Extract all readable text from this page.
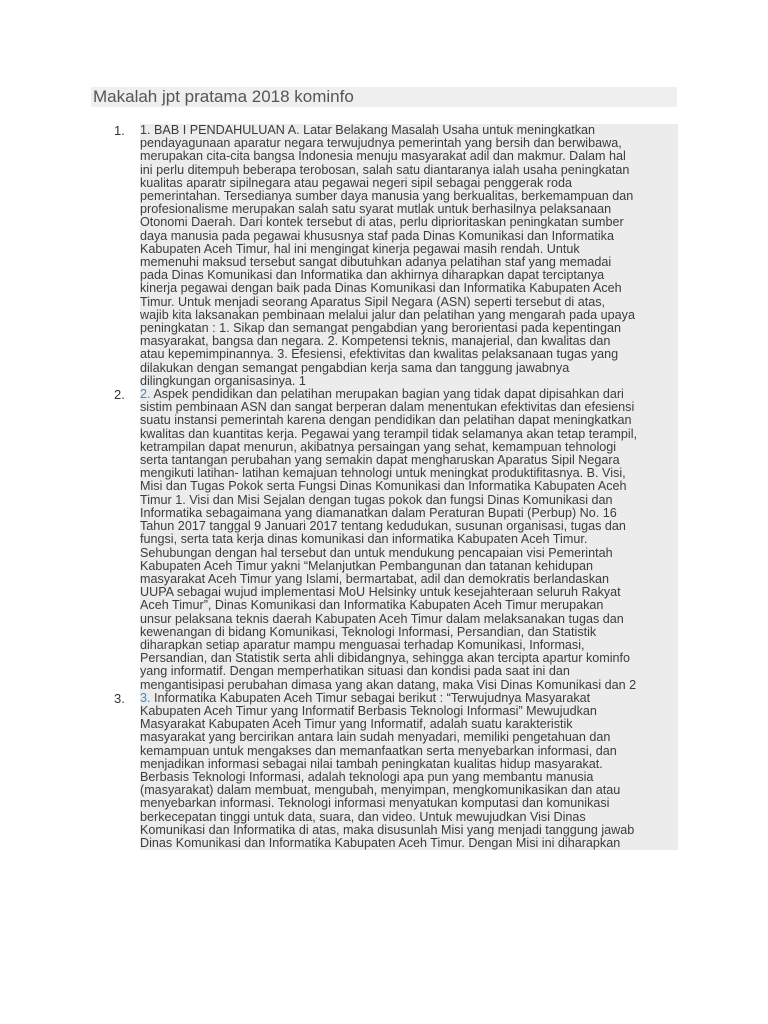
Makalah jpt pratama 2018 kominfo
1. 1. BAB I PENDAHULUAN A. Latar Belakang Masalah Usaha untuk meningkatkan
pendayagunaan aparatur negara terwujudnya pemerintah yang bersih dan berwibawa,
merupakan cita-cita bangsa Indonesia menuju masyarakat adil dan makmur. Dalam hal
ini perlu ditempuh beberapa terobosan, salah satu diantaranya ialah usaha peningkatan
kualitas aparatr sipilnegara atau pegawai negeri sipil sebagai penggerak roda
pemerintahan. Tersedianya sumber daya manusia yang berkualitas, berkemampuan dan
profesionalisme merupakan salah satu syarat mutlak untuk berhasilnya pelaksanaan
Otonomi Daerah. Dari kontek tersebut di atas, perlu diprioritaskan peningkatan sumber
daya manusia pada pegawai khususnya staf pada Dinas Komunikasi dan Informatika
Kabupaten Aceh Timur, hal ini mengingat kinerja pegawai masih rendah. Untuk
memenuhi maksud tersebut sangat dibutuhkan adanya pelatihan staf yang memadai
pada Dinas Komunikasi dan Informatika dan akhirnya diharapkan dapat terciptanya
kinerja pegawai dengan baik pada Dinas Komunikasi dan Informatika Kabupaten Aceh
Timur. Untuk menjadi seorang Aparatus Sipil Negara (ASN) seperti tersebut di atas,
wajib kita laksanakan pembinaan melalui jalur dan pelatihan yang mengarah pada upaya
peningkatan : 1. Sikap dan semangat pengabdian yang berorientasi pada kepentingan
masyarakat, bangsa dan negara. 2. Kompetensi teknis, manajerial, dan kwalitas dan
atau kepemimpinannya. 3. Efesiensi, efektivitas dan kwalitas pelaksanaan tugas yang
dilakukan dengan semangat pengabdian kerja sama dan tanggung jawabnya
dilingkungan organisasinya. 1
2. 2. Aspek pendidikan dan pelatihan merupakan bagian yang tidak dapat dipisahkan dari
sistim pembinaan ASN dan sangat berperan dalam menentukan efektivitas dan efesiensi
suatu instansi pemerintah karena dengan pendidikan dan pelatihan dapat meningkatkan
kwalitas dan kuantitas kerja. Pegawai yang terampil tidak selamanya akan tetap terampil,
ketrampilan dapat menurun, akibatnya persaingan yang sehat, kemampuan tehnologi
serta tantangan perubahan yang semakin dapat mengharuskan Aparatus Sipil Negara
mengikuti latihan- latihan kemajuan tehnologi untuk meningkat produktifitasnya. B. Visi,
Misi dan Tugas Pokok serta Fungsi Dinas Komunikasi dan Informatika Kabupaten Aceh
Timur 1. Visi dan Misi Sejalan dengan tugas pokok dan fungsi Dinas Komunikasi dan
Informatika sebagaimana yang diamanatkan dalam Peraturan Bupati (Perbup) No. 16
Tahun 2017 tanggal 9 Januari 2017 tentang kedudukan, susunan organisasi, tugas dan
fungsi, serta tata kerja dinas komunikasi dan informatika Kabupaten Aceh Timur.
Sehubungan dengan hal tersebut dan untuk mendukung pencapaian visi Pemerintah
Kabupaten Aceh Timur yakni “Melanjutkan Pembangunan dan tatanan kehidupan
masyarakat Aceh Timur yang Islami, bermartabat, adil dan demokratis berlandaskan
UUPA sebagai wujud implementasi MoU Helsinky untuk kesejahteraan seluruh Rakyat
Aceh Timur”, Dinas Komunikasi dan Informatika Kabupaten Aceh Timur merupakan
unsur pelaksana teknis daerah Kabupaten Aceh Timur dalam melaksanakan tugas dan
kewenangan di bidang Komunikasi, Teknologi Informasi, Persandian, dan Statistik
diharapkan setiap aparatur mampu menguasai terhadap Komunikasi, Informasi,
Persandian, dan Statistik serta ahli dibidangnya, sehingga akan tercipta apartur kominfo
yang informatif. Dengan memperhatikan situasi dan kondisi pada saat ini dan
mengantisipasi perubahan dimasa yang akan datang, maka Visi Dinas Komunikasi dan 2
3. 3. Informatika Kabupaten Aceh Timur sebagai berikut : “Terwujudnya Masyarakat
Kabupaten Aceh Timur yang Informatif Berbasis Teknologi Informasi” Mewujudkan
Masyarakat Kabupaten Aceh Timur yang Informatif, adalah suatu karakteristik
masyarakat yang bercirikan antara lain sudah menyadari, memiliki pengetahuan dan
kemampuan untuk mengakses dan memanfaatkan serta menyebarkan informasi, dan
menjadikan informasi sebagai nilai tambah peningkatan kualitas hidup masyarakat.
Berbasis Teknologi Informasi, adalah teknologi apa pun yang membantu manusia
(masyarakat) dalam membuat, mengubah, menyimpan, mengkomunikasikan dan atau
menyebarkan informasi. Teknologi informasi menyatukan komputasi dan komunikasi
berkecepatan tinggi untuk data, suara, dan video. Untuk mewujudkan Visi Dinas
Komunikasi dan Informatika di atas, maka disusunlah Misi yang menjadi tanggung jawab
Dinas Komunikasi dan Informatika Kabupaten Aceh Timur. Dengan Misi ini diharapkan
